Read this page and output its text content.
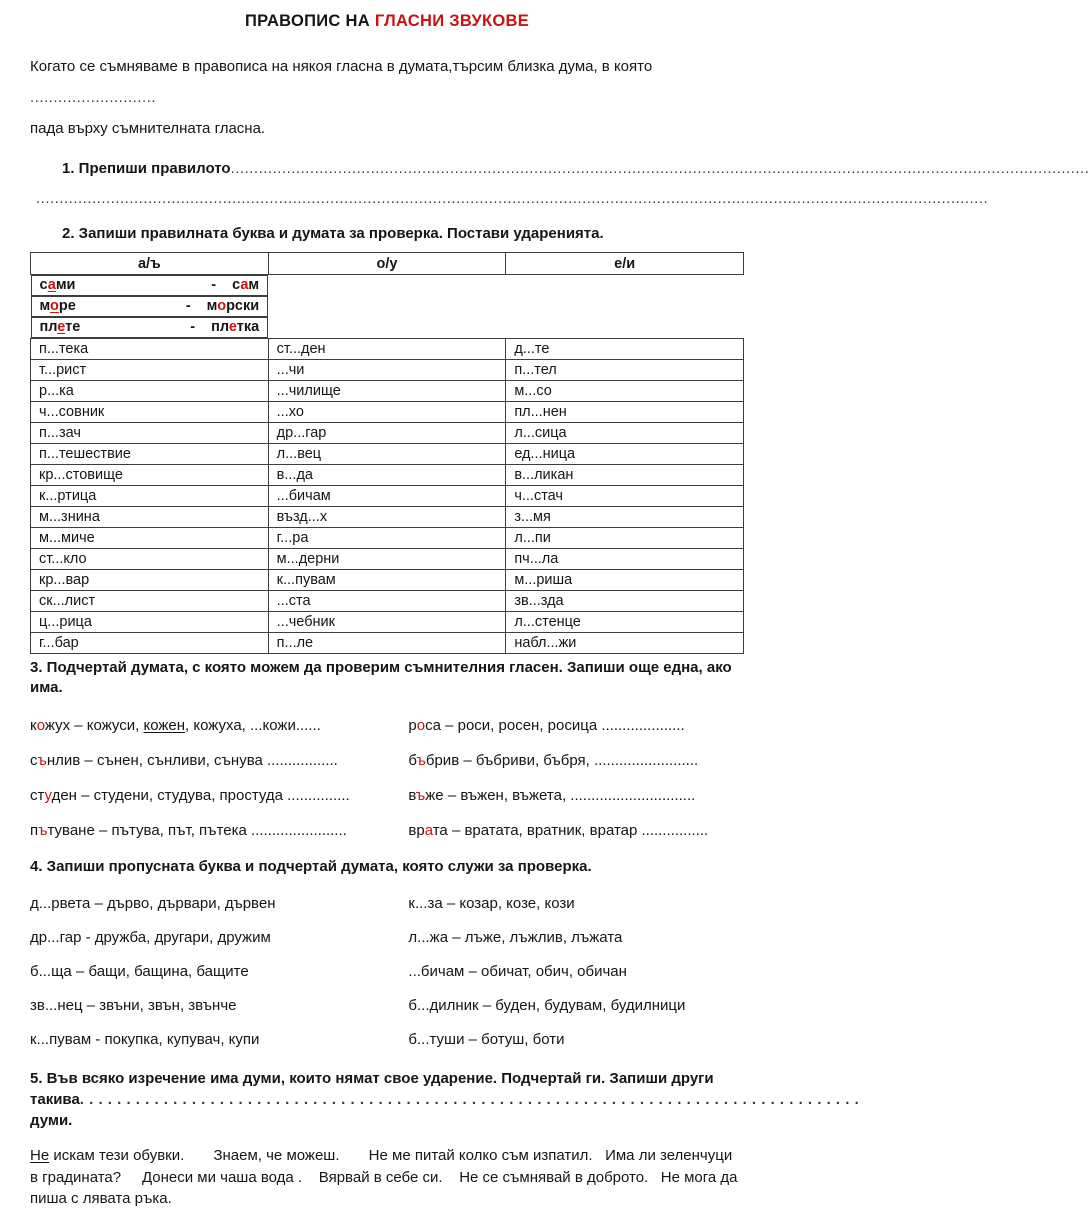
ПРАВОПИС НА ГЛАСНИ ЗВУКОВЕ
Когато се съмняваме в правописа на някоя гласна в думата,търсим близка дума, в която ...........................
пада върху съмнителната гласна.
1. Препиши правилото ........................................................................................................................................................................................
............................................................................................................................................................................................................
2. Запиши правилната буква и думата за проверка. Постави ударенията.
а/ъ	о/у	е/и

сами	- сам
море	- морски
плете	- плетка

п...тека	ст...ден	д...те
т...рист	...чи	п...тел
р...ка	...чилище	м...со
ч...совник	...хо	пл...нен
п...зач	др...гар	л...сица
п...тешествие	л...вец	ед...ница
кр...стовище	в...да	в...ликан
к...ртица	...бичам	ч...стач
м...знина	възд...х	з...мя
м...миче	г...ра	л...пи
ст...кло	м...дерни	пч...ла
кр...вар	к...пувам	м...риша
ск...лист	...ста	зв...зда
ц...рица	...чебник	л...стенце
г...бар	п...ле	набл...жи
3. Подчертай думата, с която можем да проверим съмнителния гласен. Запиши още една, ако има.
кожух – кожуси, кожен, кожуха, ...кожи......	роса – роси, росен, росица ....................
сънлив – сънен, сънливи, сънува .................	бъбрив – бъбриви, бъбря, .........................
студен – студени, студува, простуда ...............	въже – въжен, въжета, ..............................
пътуване – пътува, път, пътека .......................	врата – вратата, вратник, вратар ................
4. Запиши пропусната буква и подчертай думата, която служи за проверка.
д...рвета – дърво, дървари, дървен	к...за – козар, козе, кози
др...гар - дружба, другари, дружим	л...жа – лъже, лъжлив, лъжата
б...ща – бащи, бащина, бащите	...бичам – обичат, обич, обичан
зв...нец – звъни, звън, звънче	б...дилник – буден, будувам, будилници
к...пувам - покупка, купувач, купи	б...туши – ботуш, боти
5. Във всяко изречение има думи, които нямат свое ударение. Подчертай ги. Запиши други
такива думи.
. . . . . . . . . . . . . . . . . . . . . . . . . . . . . . . . . . . . . . . . . . . . . . . . . . . . . . . . . . . . . . . . . . . . . . . . . . . . . . . . . . . .
Не искам тези обувки.       Знаем, че можеш.       Не ме питай колко съм изпатил.   Има ли зеленчуци в градината?     Донеси ми чаша вода .    Вярвай в себе си.    Не се съмнявай в доброто.   Не мога да пиша с лявата ръка.
